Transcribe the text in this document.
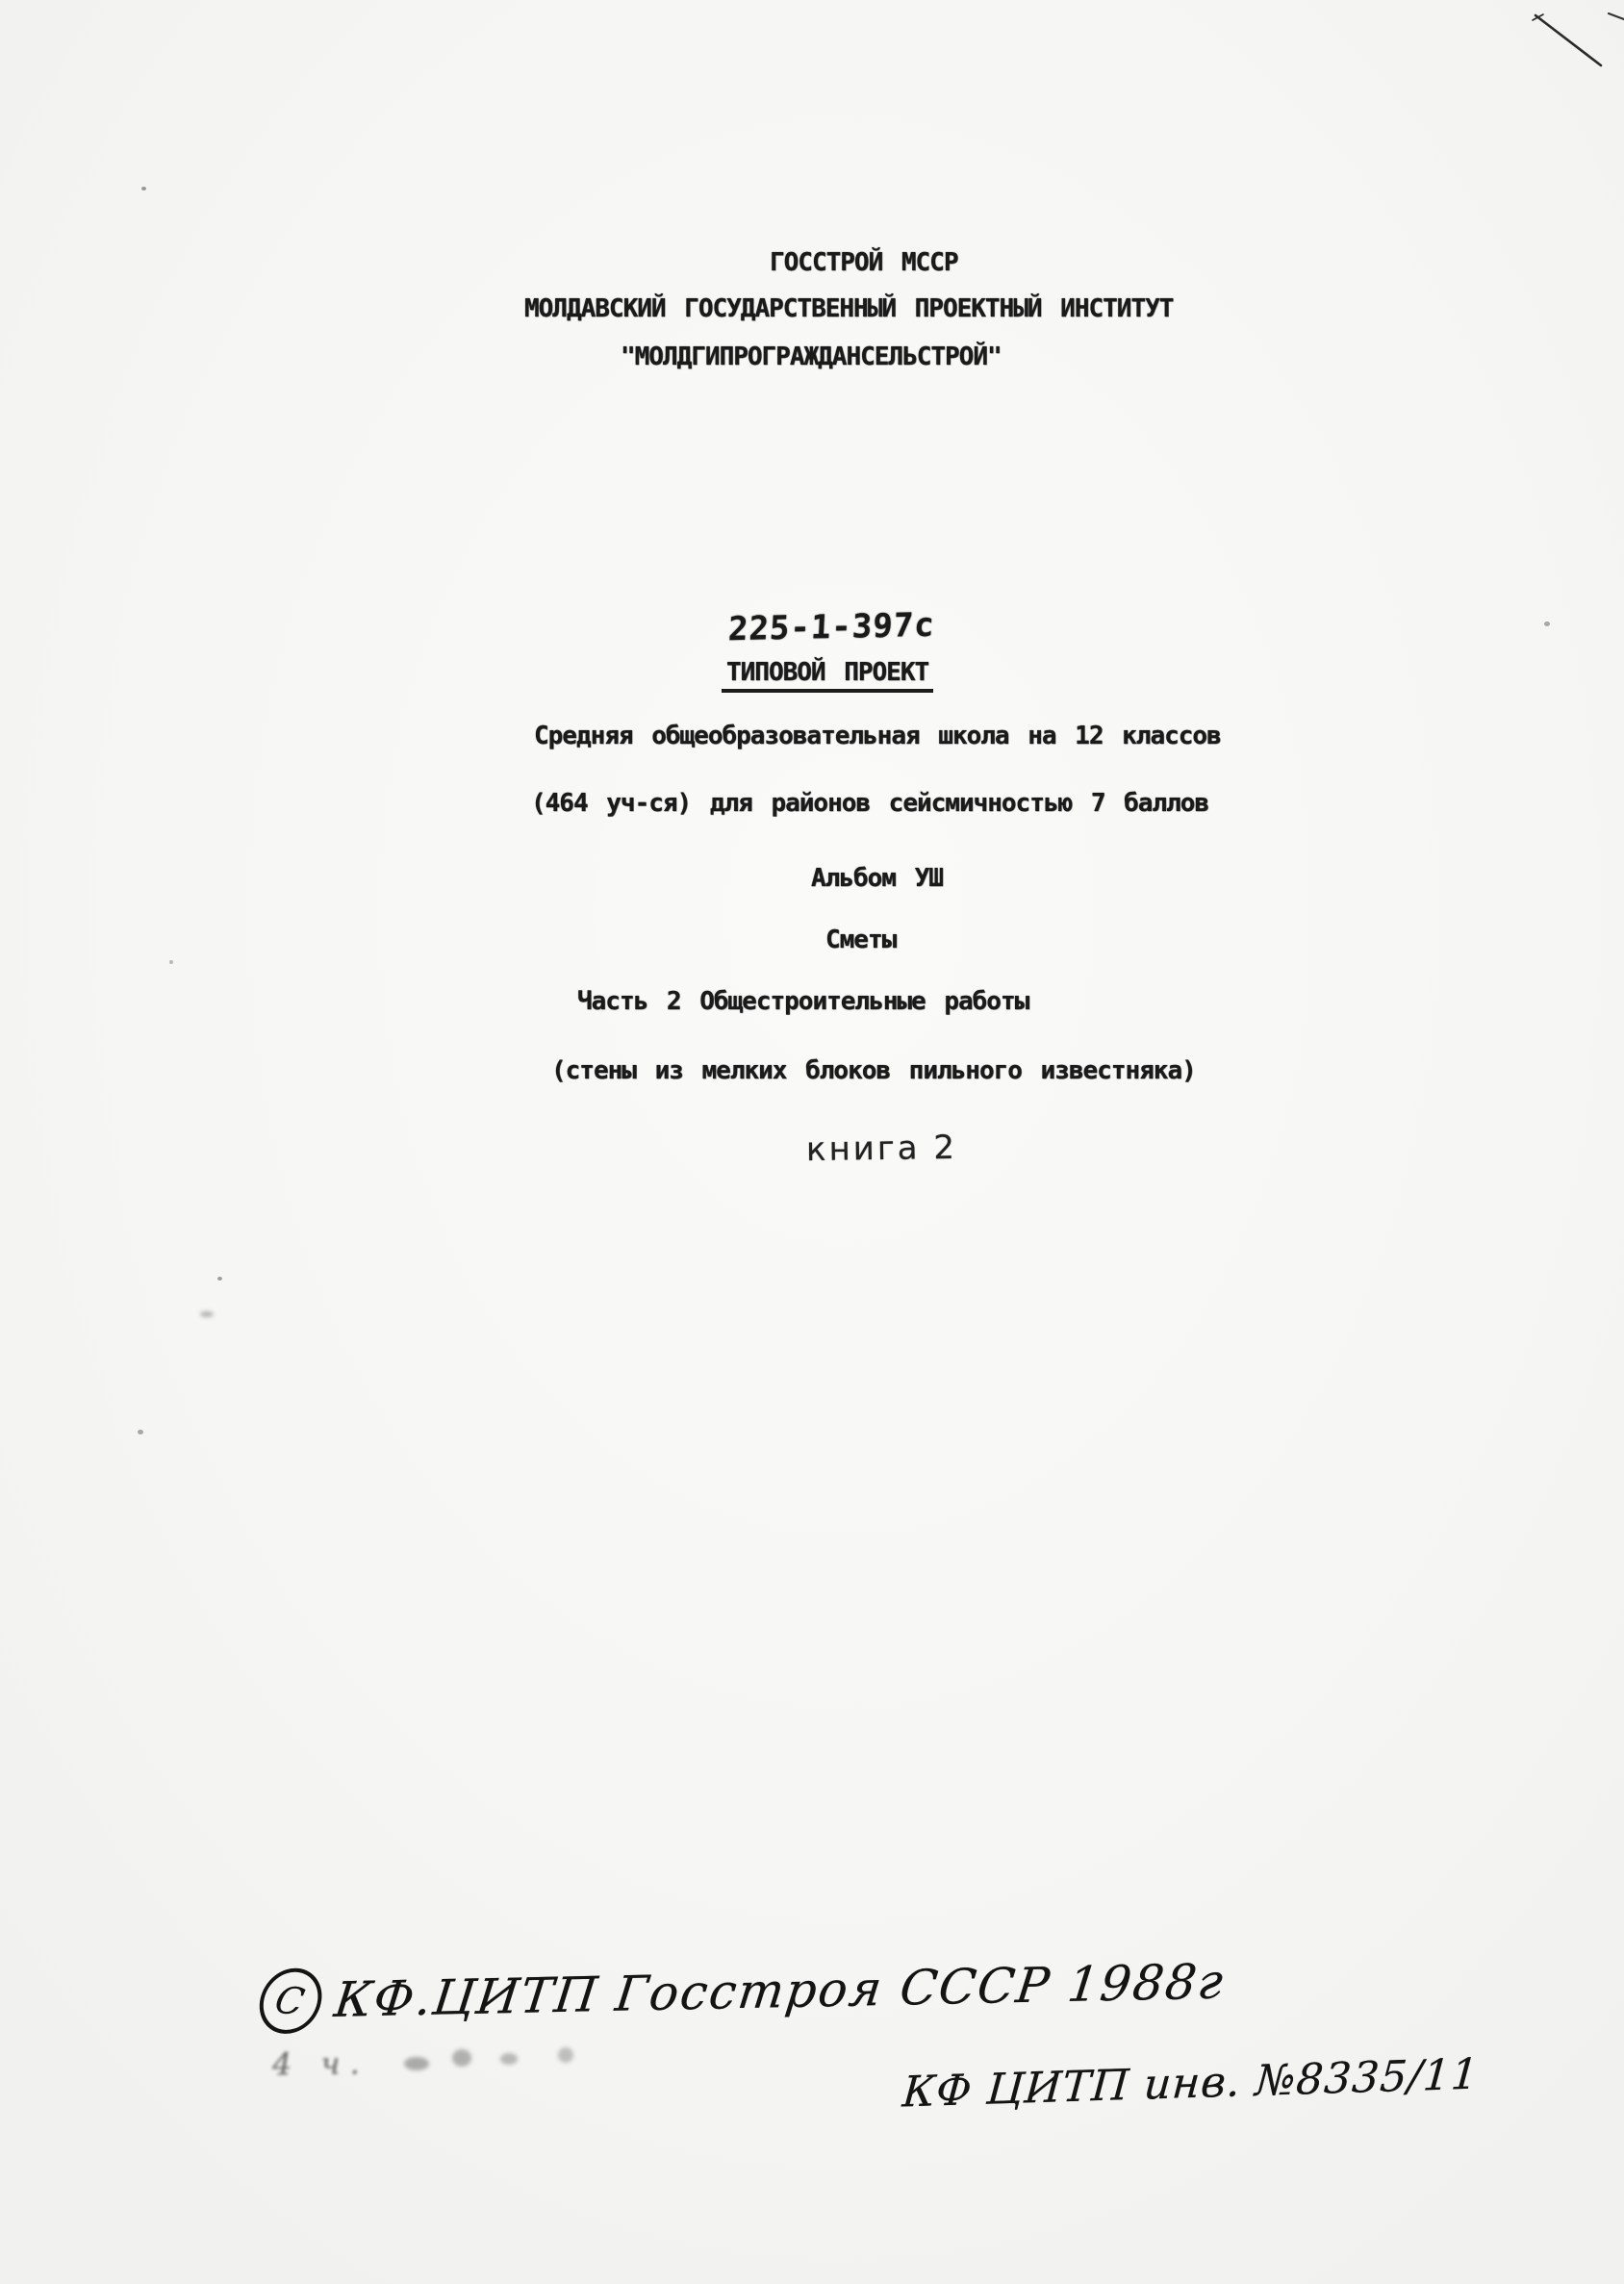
ГОССТРОЙ МССР
МОЛДАВСКИЙ ГОСУДАРСТВЕННЫЙ ПРОЕКТНЫЙ ИНСТИТУТ
"МОЛДГИПРОГРАЖДАНСЕЛЬСТРОЙ"
225-1-397с
ТИПОВОЙ ПРОЕКТ
Средняя общеобразовательная школа на 12 классов
(464 уч-ся) для районов сейсмичностью 7 баллов
Альбом УШ
Сметы
Часть 2 Общестроительные работы
(стены из мелких блоков пильного известняка)
книга 2
С КФ.ЦИТП Госстроя СССР 1988г
4 ч.	КФ ЦИТП инв. №8335/11
